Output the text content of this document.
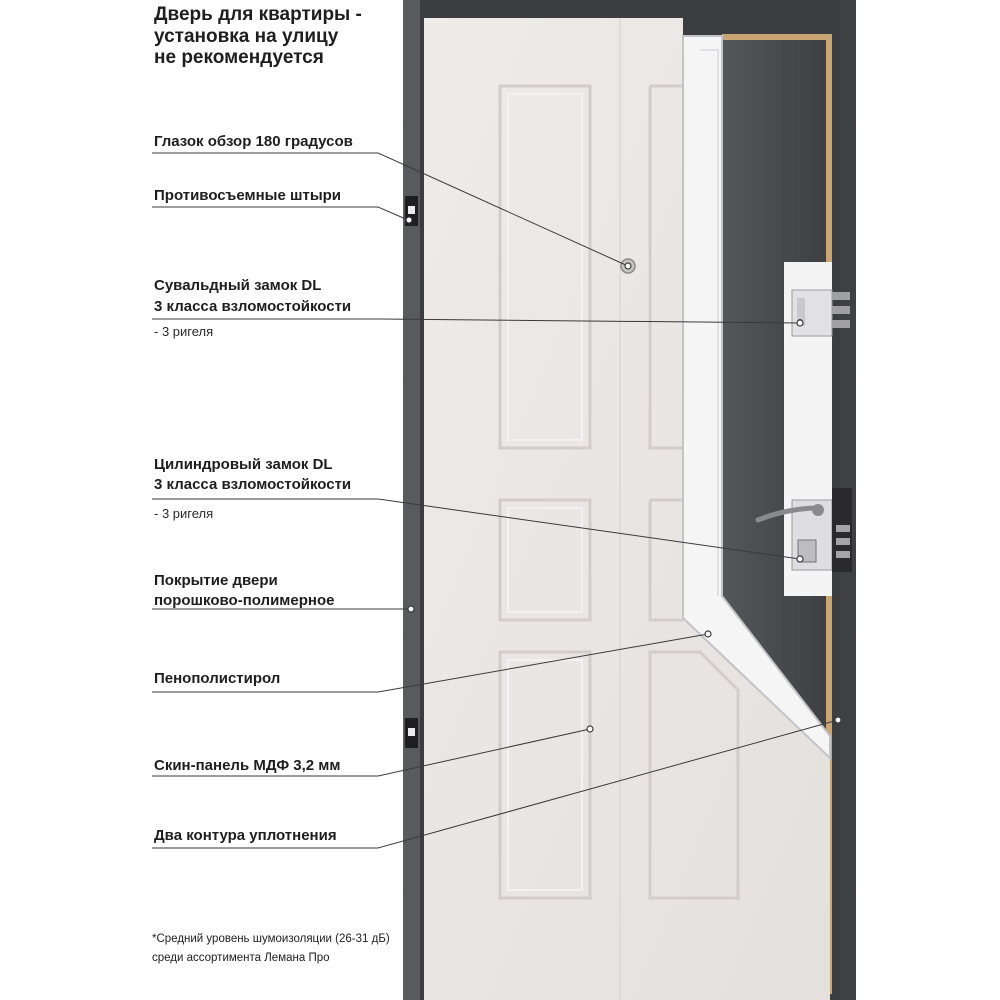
Дверь для квартиры -
установка на улицу
не рекомендуется
Глазок обзор 180 градусов
Противосъемные штыри
Сувальдный замок DL
3 класса взломостойкости
- 3 ригеля
Цилиндровый замок DL
3 класса взломостойкости
- 3 ригеля
Покрытие двери
порошково-полимерное
Пенополистирол
Скин-панель МДФ 3,2 мм
Два контура уплотнения
*Средний уровень шумоизоляции (26-31 дБ)
среди ассортимента Лемана Про
